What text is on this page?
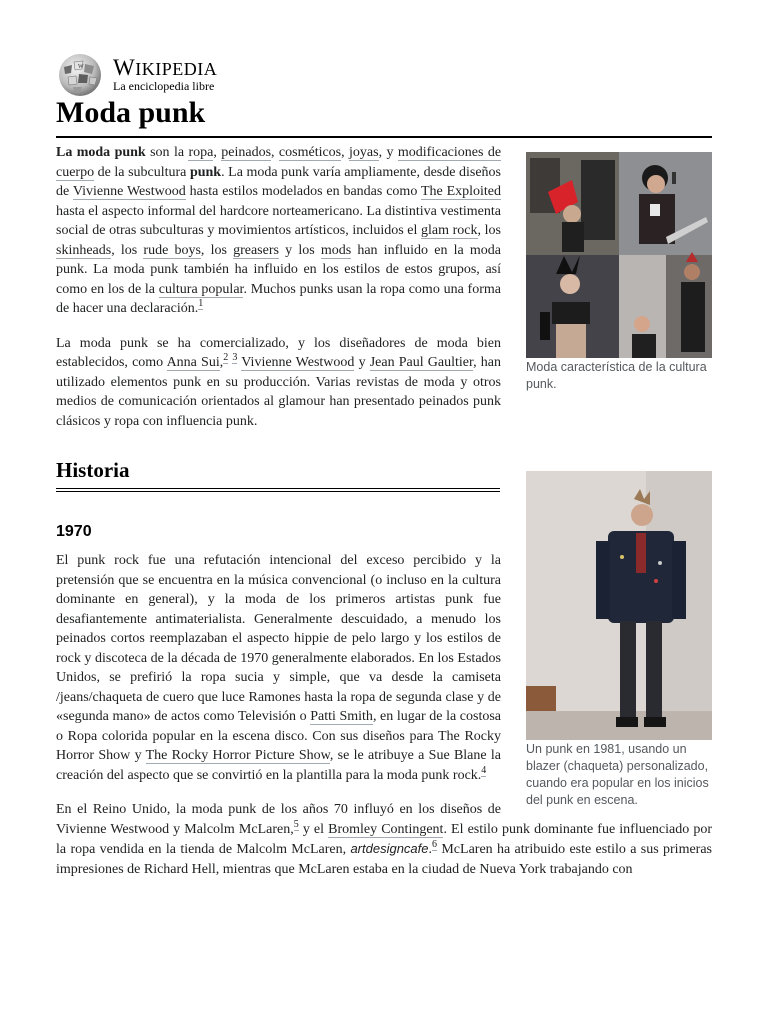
W WIKIPEDIA
La enciclopedia libre
Moda punk
Moda característica de la cultura punk.

La moda punk son la ropa, peinados, cosméticos, joyas, y modificaciones de cuerpo de la subcultura punk. La moda punk varía ampliamente, desde diseños de Vivienne Westwood hasta estilos modelados en bandas como The Exploited hasta el aspecto informal del hardcore norteamericano. La distintiva vestimenta social de otras subculturas y movimientos artísticos, incluidos el glam rock, los skinheads, los rude boys, los greasers y los mods han influido en la moda punk. La moda punk también ha influido en los estilos de estos grupos, así como en los de la cultura popular. Muchos punks usan la ropa como una forma de hacer una declaración.$^1$

La moda punk se ha comercializado, y los diseñadores de moda bien establecidos, como Anna Sui,$^2$ $^3$ Vivienne Westwood y Jean Paul Gaultier, han utilizado elementos punk en su producción. Varias revistas de moda y otros medios de comunicación orientados al glamour han presentado peinados punk clásicos y ropa con influencia punk.

Un punk en 1981, usando un blazer (chaqueta) personalizado, cuando era popular en los inicios del punk en escena.
Historia
1970

El punk rock fue una refutación intencional del exceso percibido y la pretensión que se encuentra en la música convencional (o incluso en la cultura dominante en general), y la moda de los primeros artistas punk fue desafiantemente antimaterialista. Generalmente descuidado, a menudo los peinados cortos reemplazaban el aspecto hippie de pelo largo y los estilos de rock y discoteca de la década de 1970 generalmente elaborados. En los Estados Unidos, se prefirió la ropa sucia y simple, que va desde la camiseta /jeans/chaqueta de cuero que luce Ramones hasta la ropa de segunda clase y de «segunda mano» de actos como Televisión o Patti Smith, en lugar de la costosa o Ropa colorida popular en la escena disco. Con sus diseños para The Rocky Horror Show y The Rocky Horror Picture Show, se le atribuye a Sue Blane la creación del aspecto que se convirtió en la plantilla para la moda punk rock.$^4$

En el Reino Unido, la moda punk de los años 70 influyó en los diseños de Vivienne Westwood y Malcolm McLaren,$^5$ y el Bromley Contingent. El estilo punk dominante fue influenciado por la ropa vendida en la tienda de Malcolm McLaren, artdesigncafe.$^6$ McLaren ha atribuido este estilo a sus primeras impresiones de Richard Hell, mientras que McLaren estaba en la ciudad de Nueva York trabajando con
